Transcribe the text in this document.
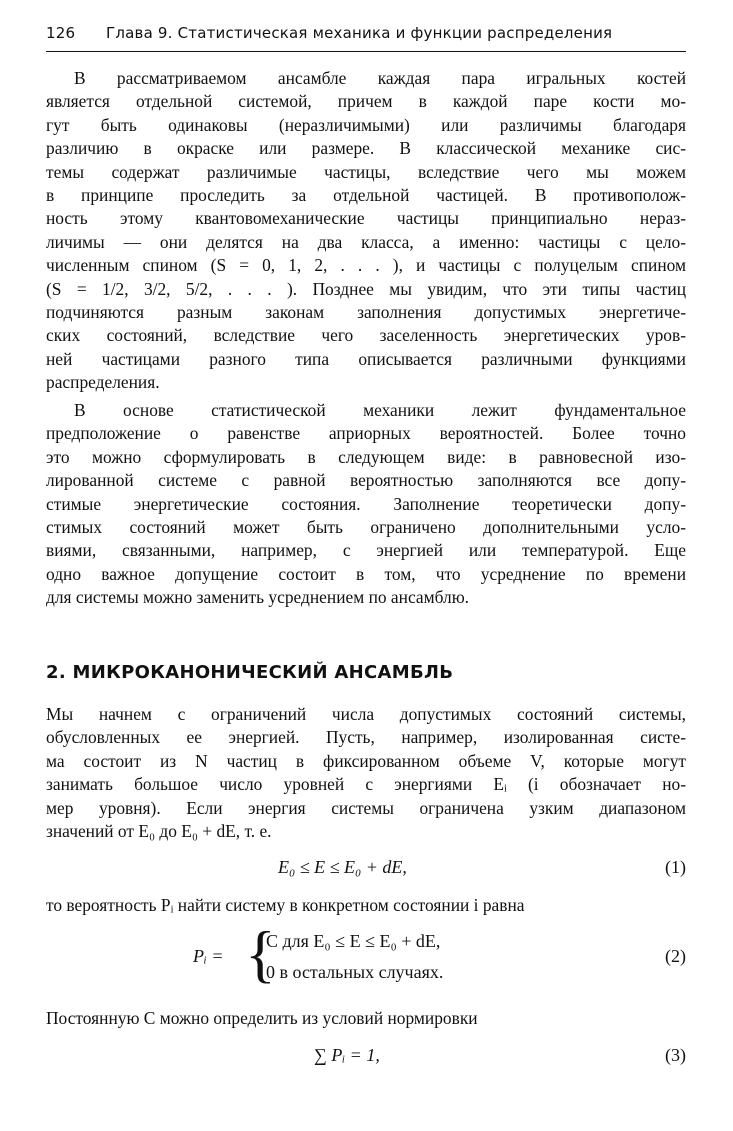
126 Глава 9. Статистическая механика и функции распределения
В рассматриваемом ансамбле каждая пара игральных костей
является отдельной системой, причем в каждой паре кости мо-
гут быть одинаковы (неразличимыми) или различимы благодаря
различию в окраске или размере. В классической механике сис-
темы содержат различимые частицы, вследствие чего мы можем
в принципе проследить за отдельной частицей. В противополож-
ность этому квантовомеханические частицы принципиально нераз-
личимы — они делятся на два класса, а именно: частицы с цело-
численным спином (S = 0, 1, 2, . . . ), и частицы с полуцелым спином
(S = 1/2, 3/2, 5/2, . . . ). Позднее мы увидим, что эти типы частиц
подчиняются разным законам заполнения допустимых энергетиче-
ских состояний, вследствие чего заселенность энергетических уров-
ней частицами разного типа описывается различными функциями
распределения.
В основе статистической механики лежит фундаментальное
предположение о равенстве априорных вероятностей. Более точно
это можно сформулировать в следующем виде: в равновесной изо-
лированной системе с равной вероятностью заполняются все допу-
стимые энергетические состояния. Заполнение теоретически допу-
стимых состояний может быть ограничено дополнительными усло-
виями, связанными, например, с энергией или температурой. Еще
одно важное допущение состоит в том, что усреднение по времени
для системы можно заменить усреднением по ансамблю.
2. МИКРОКАНОНИЧЕСКИЙ АНСАМБЛЬ
Мы начнем с ограничений числа допустимых состояний системы,
обусловленных ее энергией. Пусть, например, изолированная систе-
ма состоит из N частиц в фиксированном объеме V, которые могут
занимать большое число уровней с энергиями Eᵢ (i обозначает но-
мер уровня). Если энергия системы ограничена узким диапазоном
значений от E₀ до E₀ + dE, т. е.
E₀ ≤ E ≤ E₀ + dE,	(1)
то вероятность Pᵢ найти систему в конкретном состоянии i равна
Pᵢ = {
C для E₀ ≤ E ≤ E₀ + dE,
0 в остальных случаях.
(2)
Постоянную C можно определить из условий нормировки
∑ Pᵢ = 1,	(3)
